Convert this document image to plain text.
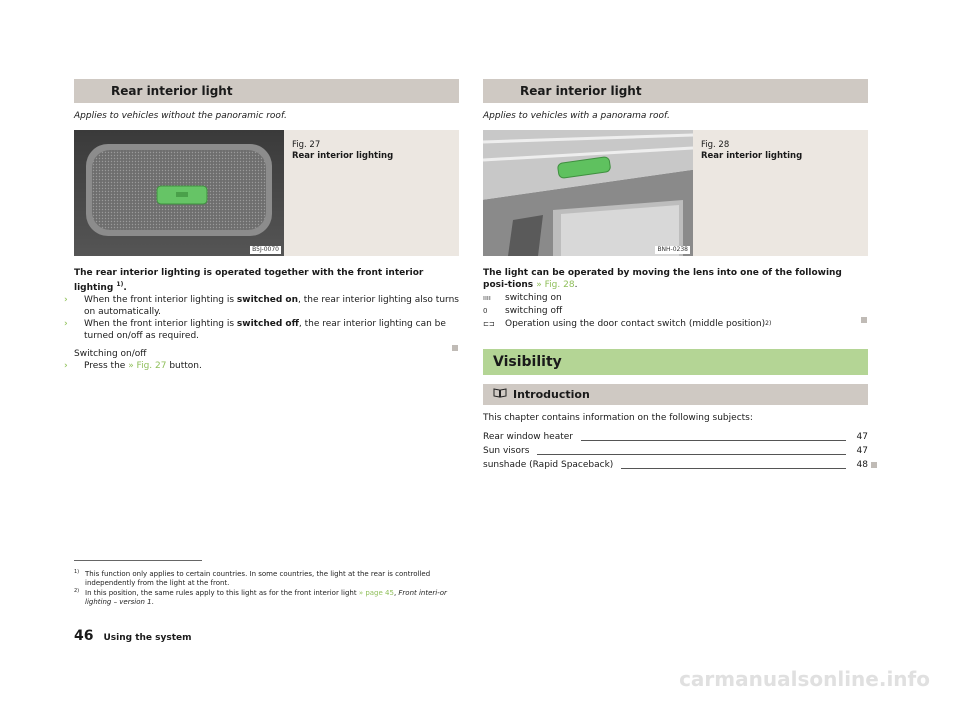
Rear interior light
Applies to vehicles without the panoramic roof.
B5J-0070
Fig. 27
Rear interior lighting

The rear interior lighting is operated together with the front interior lighting $^{1)}$.

› When the front interior lighting is switched on, the rear interior lighting also turns on automatically.

› When the front interior lighting is switched off, the rear interior lighting can be turned on/off as required.

Switching on/off

› Press the » Fig. 27 button.

Rear interior light
Applies to vehicles with a panorama roof.
BNH-0238
Fig. 28
Rear interior lighting

The light can be operated by moving the lens into one of the following posi-tions » Fig. 28.

ıııı	switching on
0	switching off
⊏⊐	Operation using the door contact switch (middle position) 2)
Visibility
Introduction
This chapter contains information on the following subjects:
Rear window heater	47
Sun visors	47
sunshade (Rapid Spaceback)	48
1) This function only applies to certain countries. In some countries, the light at the rear is controlled independently from the light at the front.
2) In this position, the same rules apply to this light as for the front interior light » page 45, Front interi-or lighting – version 1.
46 Using the system
carmanualsonline.info
